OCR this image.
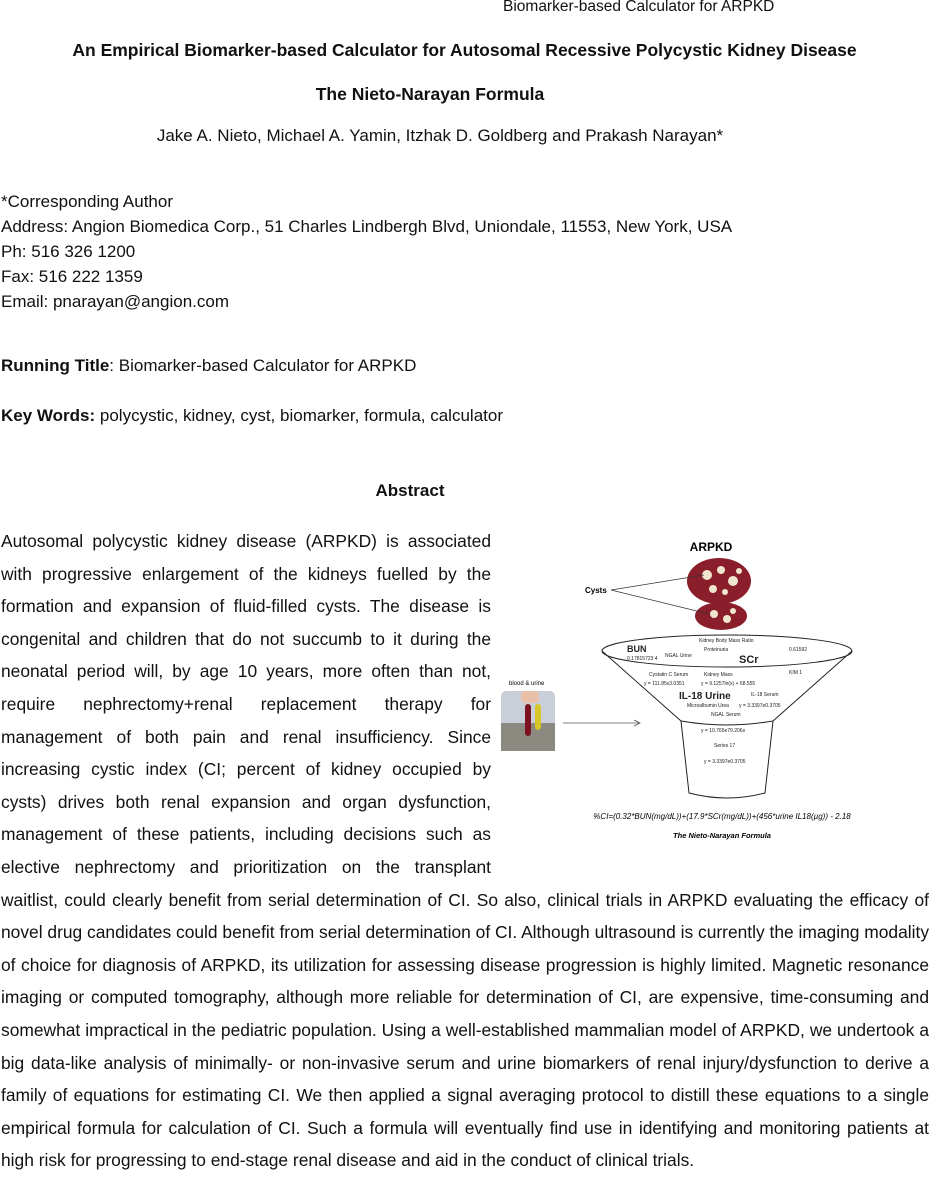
Biomarker-based Calculator for ARPKD
An Empirical Biomarker-based Calculator for Autosomal Recessive Polycystic Kidney Disease
The Nieto-Narayan Formula
Jake A. Nieto, Michael A. Yamin, Itzhak D. Goldberg and Prakash Narayan*
*Corresponding Author
Address: Angion Biomedica Corp., 51 Charles Lindbergh Blvd, Uniondale, 11553, New York, USA
Ph: 516 326 1200
Fax: 516 222 1359
Email: pnarayan@angion.com
Running Title: Biomarker-based Calculator for ARPKD
Key Words: polycystic, kidney, cyst, biomarker, formula, calculator
Abstract
ARPKD
Cysts
Kidney Body Mass Ratio
BUN
0.17815723 4 NGAL Urine
Proteinuria
SCr
0.61592
Cystatin C Serum	Kidney Mass	KIM 1
y = 9.1257ln(x) + 68.555
IL-18 Urine	IL-18 Serum
Microalbumin Urea
NGAL Serum
y = 111.85x3.0351
y = 10.765e79.206x
y = 3.3397e0.3705
Series 17
y = 3.3397e0.3705
blood & urine
%CI=(0.32*BUN(mg/dL))+(17.9*SCr(mg/dL))+(456*urine IL18(µg)) - 2.18
The Nieto-Narayan Formula
Autosomal polycystic kidney disease (ARPKD) is associated with progressive enlargement of the kidneys fuelled by the formation and expansion of fluid-filled cysts. The disease is congenital and children that do not succumb to it during the neonatal period will, by age 10 years, more often than not, require nephrectomy+renal replacement therapy for management of both pain and renal insufficiency. Since increasing cystic index (CI; percent of kidney occupied by cysts) drives both renal expansion and organ dysfunction, management of these patients, including decisions such as elective nephrectomy and prioritization on the transplant waitlist, could clearly benefit from serial determination of CI. So also, clinical trials in ARPKD evaluating the efficacy of novel drug candidates could benefit from serial determination of CI. Although ultrasound is currently the imaging modality of choice for diagnosis of ARPKD, its utilization for assessing disease progression is highly limited. Magnetic resonance imaging or computed tomography, although more reliable for determination of CI, are expensive, time-consuming and somewhat impractical in the pediatric population. Using a well-established mammalian model of ARPKD, we undertook a big data-like analysis of minimally- or non-invasive serum and urine biomarkers of renal injury/dysfunction to derive a family of equations for estimating CI. We then applied a signal averaging protocol to distill these equations to a single empirical formula for calculation of CI. Such a formula will eventually find use in identifying and monitoring patients at high risk for progressing to end-stage renal disease and aid in the conduct of clinical trials.
